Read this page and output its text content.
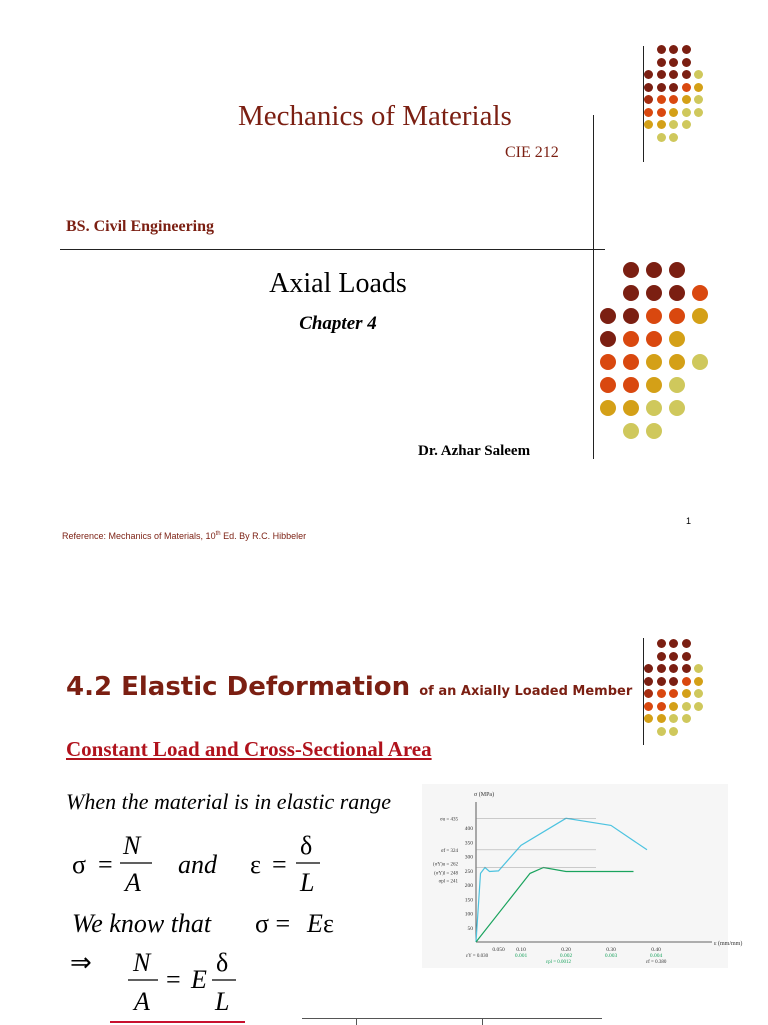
Mechanics of Materials
CIE 212
BS. Civil Engineering
Axial Loads
Chapter 4
Dr. Azhar Saleem
1
Reference: Mechanics of Materials, 10th Ed. By R.C. Hibbeler
4.2 Elastic Deformation of an Axially Loaded Member
Constant Load and Cross-Sectional Area
When the material is in elastic range
σ =
N
A
and ε =
δ
L
We know that σ = E ε
⇒ N
A
= E
δ
L
σ (MPa)
ε (mm/mm)
50
100
150
200
250
300
350
400
0.050 0.10	0.20	0.30	0.40
0.001	0.002	0.003	0.004
σu = 435
σf = 324
(σY)u = 262
(σY)l = 248
σpl = 241
εY = 0.030
εpl = 0.0012	εf = 0.380
